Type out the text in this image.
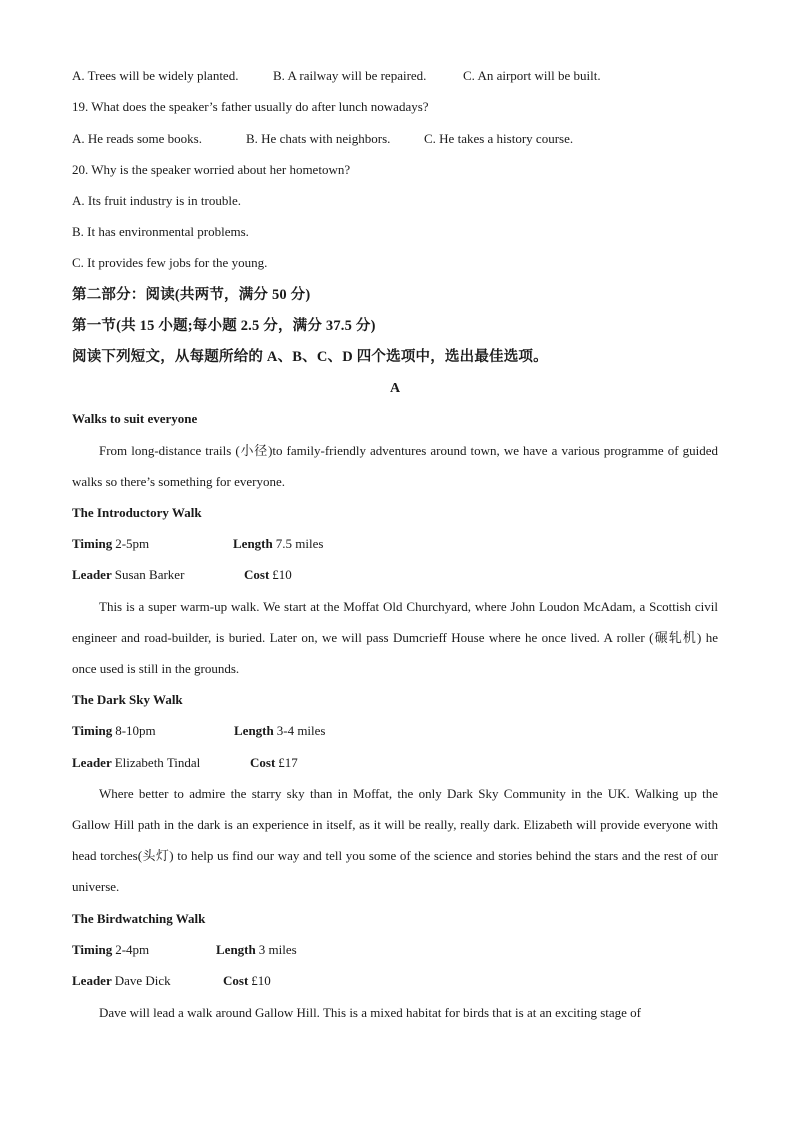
A. Trees will be widely planted.	B. A railway will be repaired.	C. An airport will be built.
19. What does the speaker’s father usually do after lunch nowadays?
A. He reads some books.	B. He chats with neighbors.	C. He takes a history course.
20. Why is the speaker worried about her hometown?
A. Its fruit industry is in trouble.
B. It has environmental problems.
C. It provides few jobs for the young.
第二部分：阅读(共两节，满分 50 分)
第一节(共 15 小题;每小题 2.5 分，满分 37.5 分)
阅读下列短文，从每题所给的 A、B、C、D 四个选项中，选出最佳选项。
A
Walks to suit everyone
From long-distance trails (小径)to family-friendly adventures around town, we have a various programme of guided walks so there’s something for everyone.
The Introductory Walk
Timing 2-5pm	Length 7.5 miles
Leader Susan Barker	Cost £10
This is a super warm-up walk. We start at the Moffat Old Churchyard, where John Loudon McAdam, a Scottish civil engineer and road-builder, is buried. Later on, we will pass Dumcrieff House where he once lived. A roller (碾轧机) he once used is still in the grounds.
The Dark Sky Walk
Timing 8-10pm	Length 3-4 miles
Leader Elizabeth Tindal	Cost £17
Where better to admire the starry sky than in Moffat, the only Dark Sky Community in the UK. Walking up the Gallow Hill path in the dark is an experience in itself, as it will be really, really dark. Elizabeth will provide everyone with head torches(头灯) to help us find our way and tell you some of the science and stories behind the stars and the rest of our universe.
The Birdwatching Walk
Timing 2-4pm	Length 3 miles
Leader Dave Dick	Cost £10
Dave will lead a walk around Gallow Hill. This is a mixed habitat for birds that is at an exciting stage of
